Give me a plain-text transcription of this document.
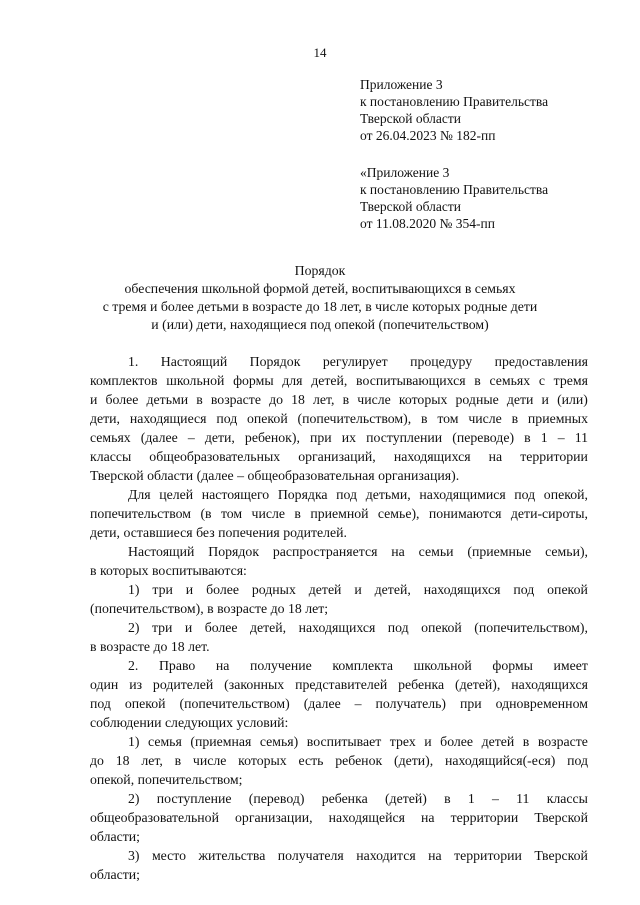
14
Приложение 3
к постановлению Правительства
Тверской области
от 26.04.2023 № 182-пп
«Приложение 3
к постановлению Правительства
Тверской области
от 11.08.2020 № 354-пп
Порядок
обеспечения школьной формой детей, воспитывающихся в семьях
с тремя и более детьми в возрасте до 18 лет, в числе которых родные дети
и (или) дети, находящиеся под опекой (попечительством)
1. Настоящий Порядок регулирует процедуру предоставления
комплектов школьной формы для детей, воспитывающихся в семьях с тремя
и более детьми в возрасте до 18 лет, в числе которых родные дети и (или)
дети, находящиеся под опекой (попечительством), в том числе в приемных
семьях (далее – дети, ребенок), при их поступлении (переводе) в 1 – 11
классы общеобразовательных организаций, находящихся на территории
Тверской области (далее – общеобразовательная организация).
Для целей настоящего Порядка под детьми, находящимися под опекой,
попечительством (в том числе в приемной семье), понимаются дети-сироты,
дети, оставшиеся без попечения родителей.
Настоящий Порядок распространяется на семьи (приемные семьи),
в которых воспитываются:
1) три и более родных детей и детей, находящихся под опекой
(попечительством), в возрасте до 18 лет;
2) три и более детей, находящихся под опекой (попечительством),
в возрасте до 18 лет.
2. Право на получение комплекта школьной формы имеет
один из родителей (законных представителей ребенка (детей), находящихся
под опекой (попечительством) (далее – получатель) при одновременном
соблюдении следующих условий:
1) семья (приемная семья) воспитывает трех и более детей в возрасте
до 18 лет, в числе которых есть ребенок (дети), находящийся(-еся) под
опекой, попечительством;
2) поступление (перевод) ребенка (детей) в 1 – 11 классы
общеобразовательной организации, находящейся на территории Тверской
области;
3) место жительства получателя находится на территории Тверской
области;
